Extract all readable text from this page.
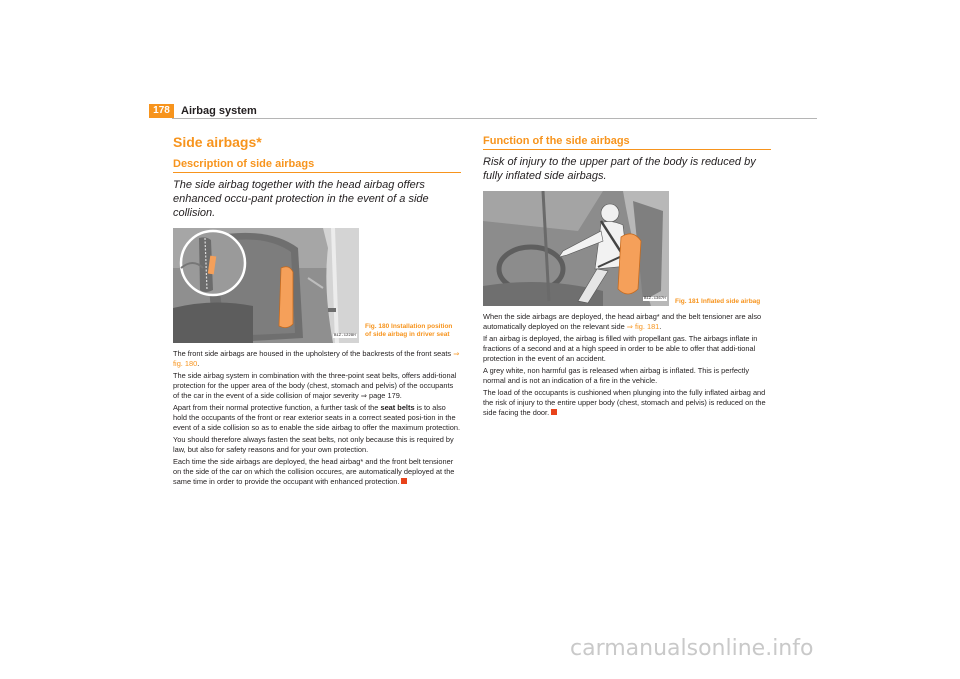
178	Airbag system
Side airbags*
Description of side airbags

The side airbag together with the head airbag offers enhanced occu-pant protection in the event of a side collision.

B1Z-1228H
Fig. 180 Installation position
of side airbag in driver seat

The front side airbags are housed in the upholstery of the backrests of the front seats ⇒ fig. 180.

The side airbag system in combination with the three-point seat belts, offers addi-tional protection for the upper area of the body (chest, stomach and pelvis) of the occupants of the car in the event of a side collision of major severity ⇒ page 179.

Apart from their normal protective function, a further task of the seat belts is to also hold the occupants of the front or rear exterior seats in a correct seated posi-tion in the event of a side collision so as to enable the side airbag to offer the maximum protection.

You should therefore always fasten the seat belts, not only because this is required by law, but also for safety reasons and for your own protection.

Each time the side airbags are deployed, the head airbag* and the front belt tensioner on the side of the car on which the collision occures, are automatically deployed at the same time in order to provide the occupant with enhanced protection.

Function of the side airbags

Risk of injury to the upper part of the body is reduced by fully inflated side airbags.

B1Z-1367H Fig. 181 Inflated side airbag

When the side airbags are deployed, the head airbag* and the belt tensioner are also automatically deployed on the relevant side ⇒ fig. 181.

If an airbag is deployed, the airbag is filled with propellant gas. The airbags inflate in fractions of a second and at a high speed in order to be able to offer that addi-tional protection in the event of an accident.

A grey white, non harmful gas is released when airbag is inflated. This is perfectly normal and is not an indication of a fire in the vehicle.

The load of the occupants is cushioned when plunging into the fully inflated airbag and the risk of injury to the entire upper body (chest, stomach and pelvis) is reduced on the side facing the door.

carmanualsonline.info
